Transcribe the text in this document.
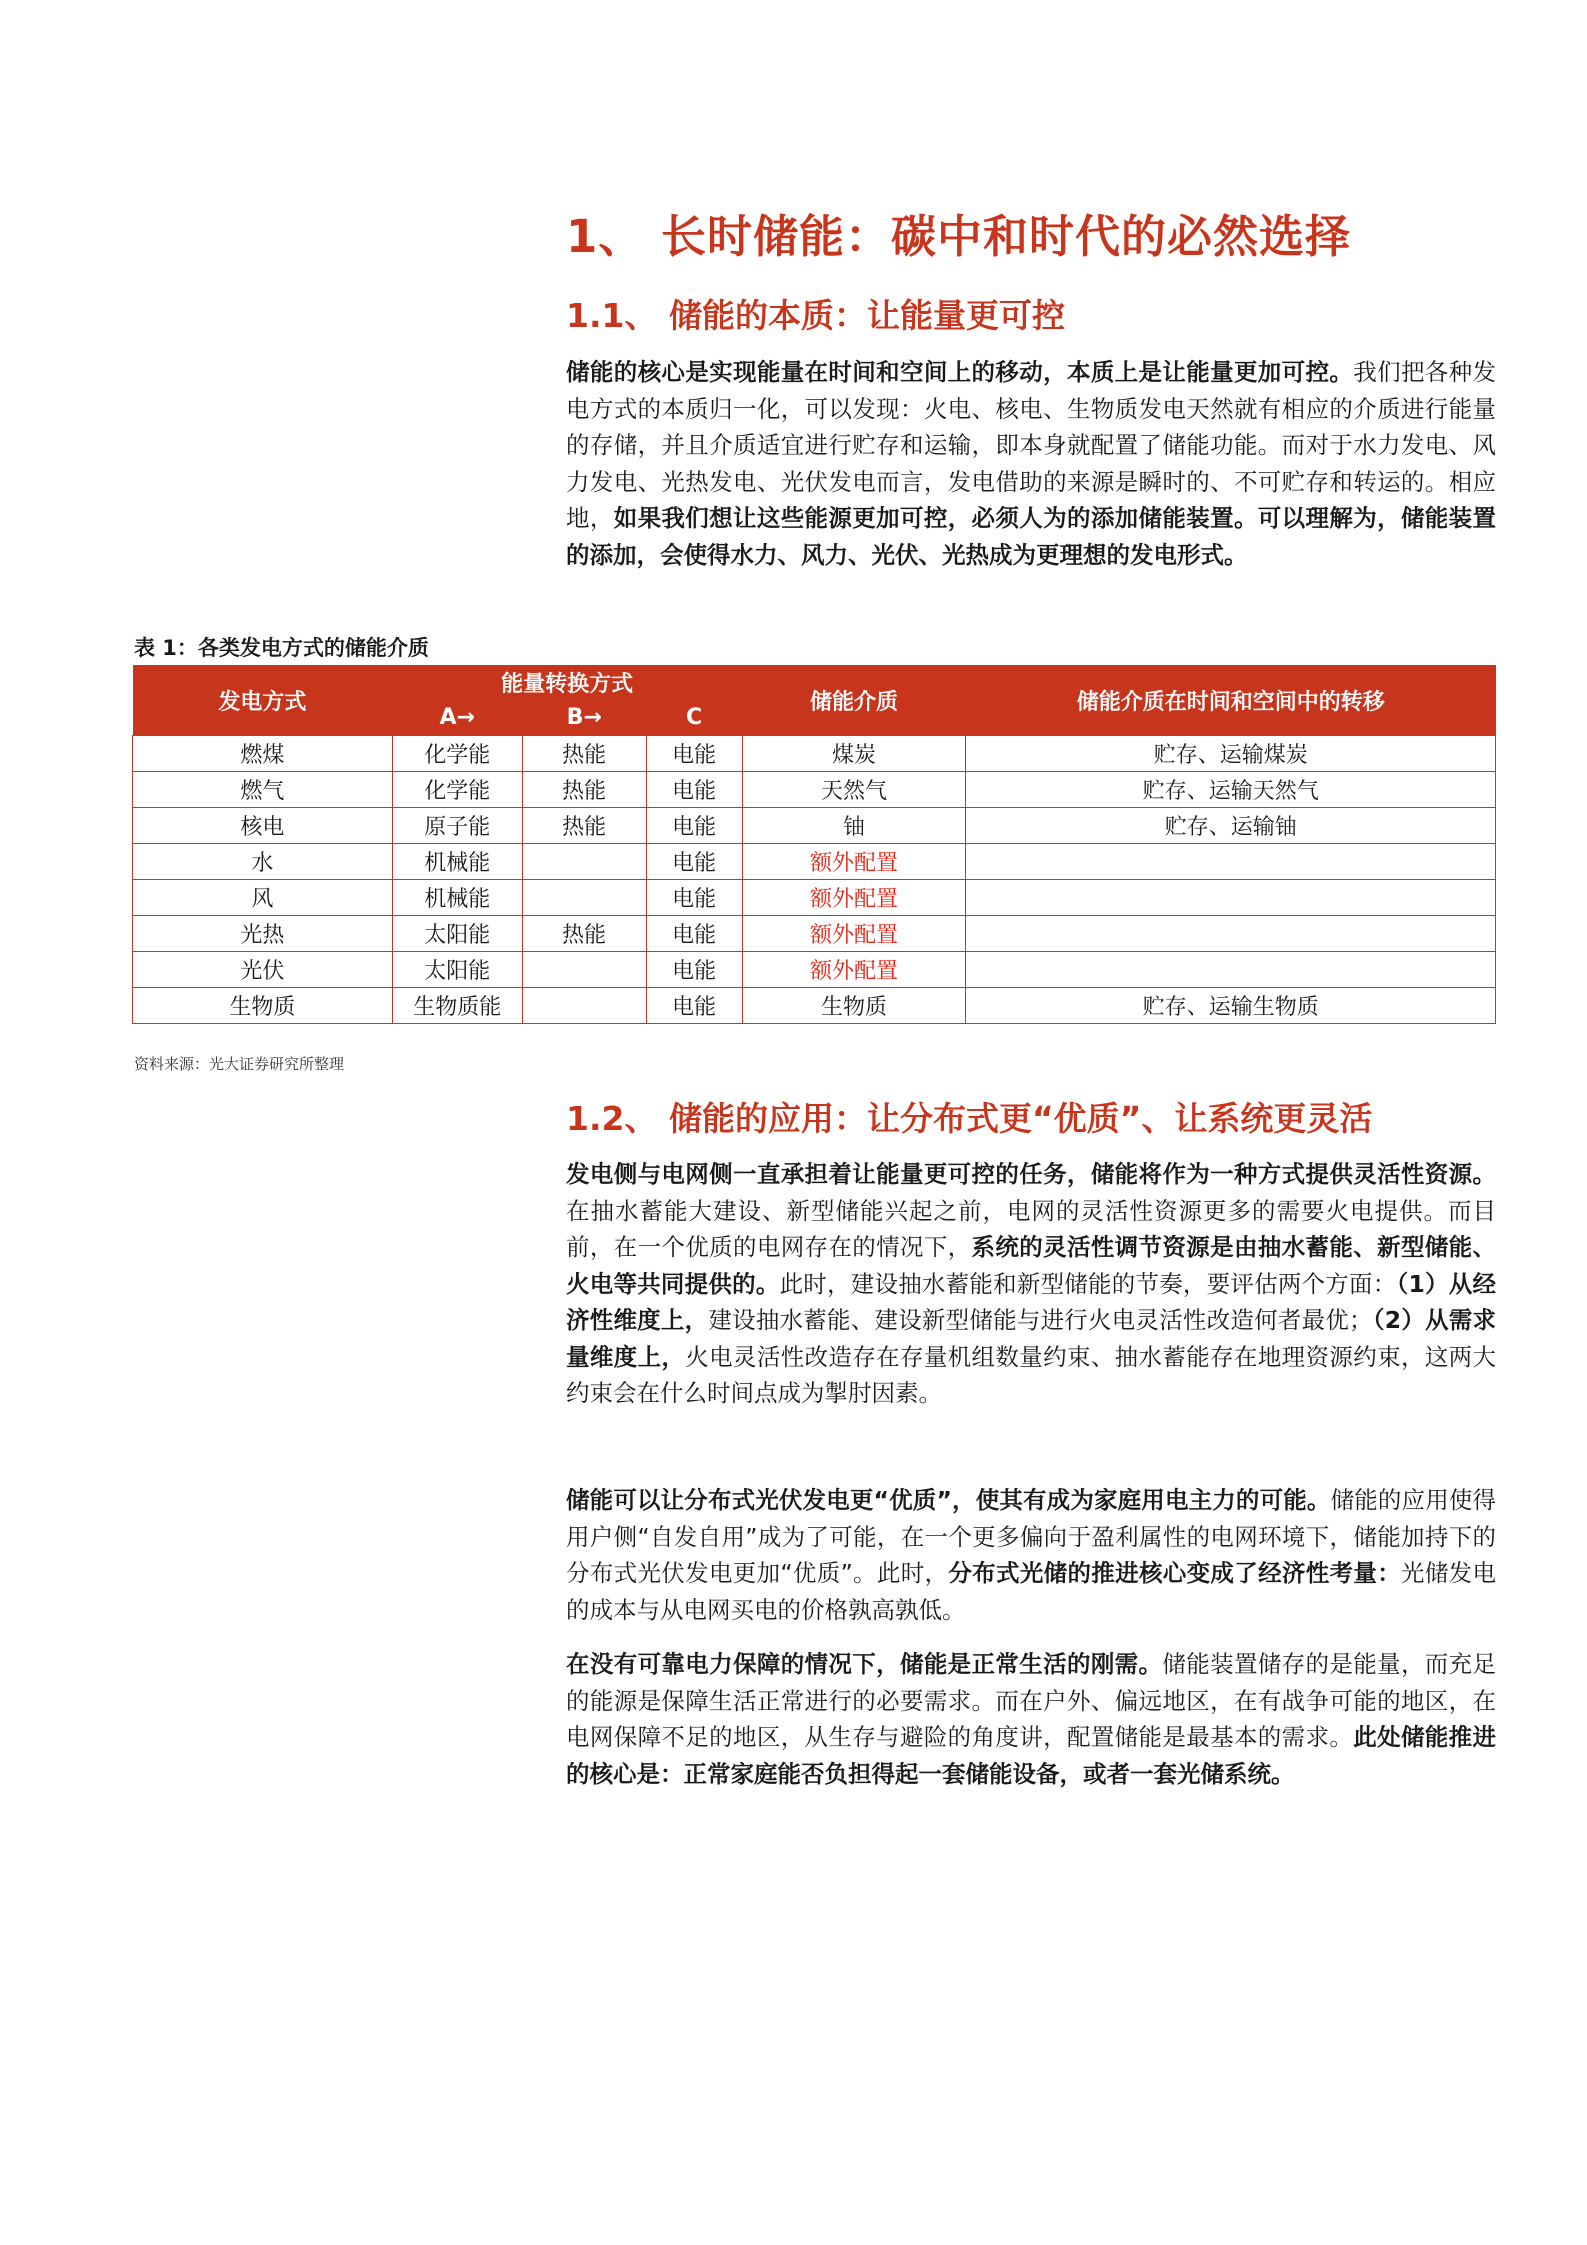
1、 长时储能：碳中和时代的必然选择
1.1、 储能的本质：让能量更可控
储能的核心是实现能量在时间和空间上的移动，本质上是让能量更加可控。我们把各种发电方式的本质归一化，可以发现：火电、核电、生物质发电天然就有相应的介质进行能量的存储，并且介质适宜进行贮存和运输，即本身就配置了储能功能。而对于水力发电、风力发电、光热发电、光伏发电而言，发电借助的来源是瞬时的、不可贮存和转运的。相应地，如果我们想让这些能源更加可控，必须人为的添加储能装置。可以理解为，储能装置的添加，会使得水力、风力、光伏、光热成为更理想的发电形式。
表 1：各类发电方式的储能介质
发电方式	能量转换方式			储能介质	储能介质在时间和空间中的转移
	A→	B→	C		
燃煤	化学能	热能	电能	煤炭	贮存、运输煤炭
燃气	化学能	热能	电能	天然气	贮存、运输天然气
核电	原子能	热能	电能	铀	贮存、运输铀
水	机械能		电能	额外配置	
风	机械能		电能	额外配置	
光热	太阳能	热能	电能	额外配置	
光伏	太阳能		电能	额外配置	
生物质	生物质能		电能	生物质	贮存、运输生物质
资料来源：光大证券研究所整理
1.2、 储能的应用：让分布式更“优质”、让系统更灵活
发电侧与电网侧一直承担着让能量更可控的任务，储能将作为一种方式提供灵活性资源。在抽水蓄能大建设、新型储能兴起之前，电网的灵活性资源更多的需要火电提供。而目前，在一个优质的电网存在的情况下，系统的灵活性调节资源是由抽水蓄能、新型储能、火电等共同提供的。此时，建设抽水蓄能和新型储能的节奏，要评估两个方面：（1）从经济性维度上，建设抽水蓄能、建设新型储能与进行火电灵活性改造何者最优；（2）从需求量维度上，火电灵活性改造存在存量机组数量约束、抽水蓄能存在地理资源约束，这两大约束会在什么时间点成为掣肘因素。
储能可以让分布式光伏发电更“优质”，使其有成为家庭用电主力的可能。储能的应用使得用户侧“自发自用”成为了可能，在一个更多偏向于盈利属性的电网环境下，储能加持下的分布式光伏发电更加“优质”。此时，分布式光储的推进核心变成了经济性考量：光储发电的成本与从电网买电的价格孰高孰低。
在没有可靠电力保障的情况下，储能是正常生活的刚需。储能装置储存的是能量，而充足的能源是保障生活正常进行的必要需求。而在户外、偏远地区，在有战争可能的地区，在电网保障不足的地区，从生存与避险的角度讲，配置储能是最基本的需求。此处储能推进的核心是：正常家庭能否负担得起一套储能设备，或者一套光储系统。
